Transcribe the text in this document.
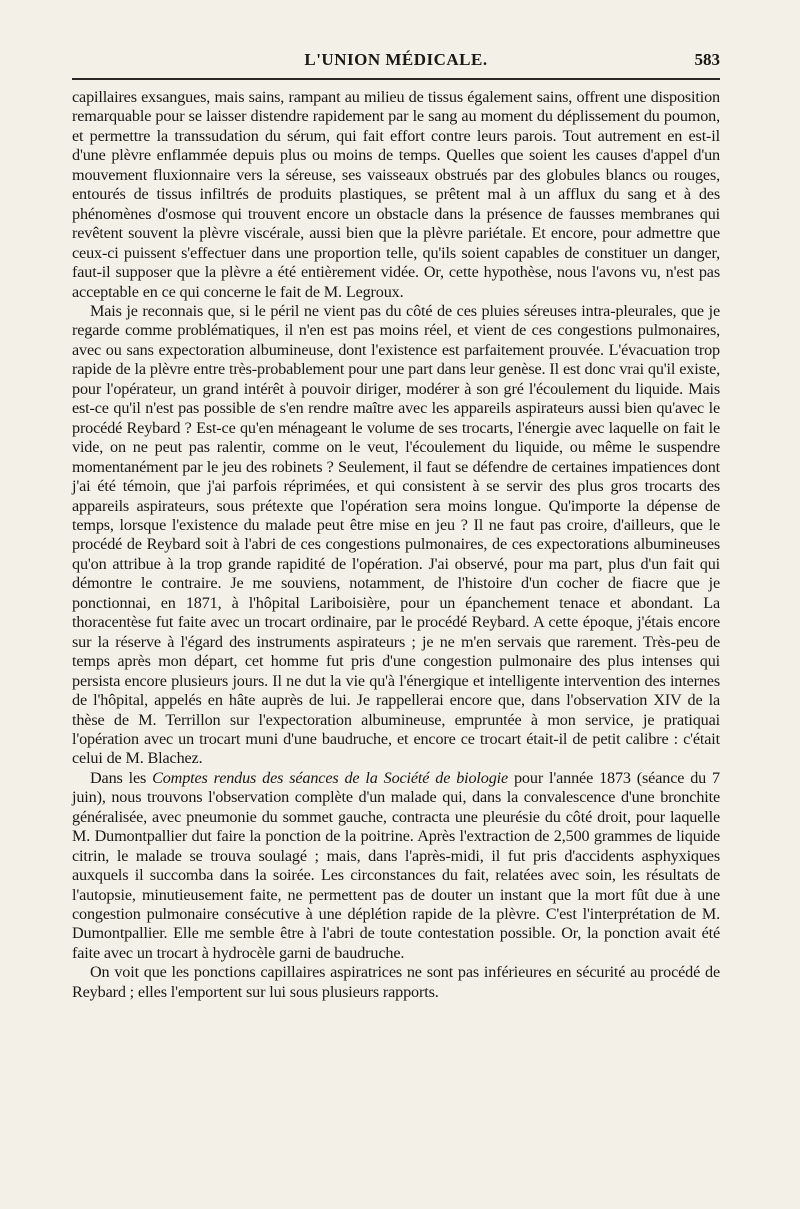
L'UNION MÉDICALE.	583

capillaires exsangues, mais sains, rampant au milieu de tissus également sains, offrent une disposition remarquable pour se laisser distendre rapidement par le sang au moment du déplissement du poumon, et permettre la transsudation du sérum, qui fait effort contre leurs parois. Tout autrement en est-il d'une plèvre enflammée depuis plus ou moins de temps. Quelles que soient les causes d'appel d'un mouvement fluxionnaire vers la séreuse, ses vaisseaux obstrués par des globules blancs ou rouges, entourés de tissus infiltrés de produits plastiques, se prêtent mal à un afflux du sang et à des phénomènes d'osmose qui trouvent encore un obstacle dans la présence de fausses membranes qui revêtent souvent la plèvre viscérale, aussi bien que la plèvre pariétale. Et encore, pour admettre que ceux-ci puissent s'effectuer dans une proportion telle, qu'ils soient capables de constituer un danger, faut-il supposer que la plèvre a été entièrement vidée. Or, cette hypothèse, nous l'avons vu, n'est pas acceptable en ce qui concerne le fait de M. Legroux.

Mais je reconnais que, si le péril ne vient pas du côté de ces pluies séreuses intra-pleurales, que je regarde comme problématiques, il n'en est pas moins réel, et vient de ces congestions pulmonaires, avec ou sans expectoration albumineuse, dont l'existence est parfaitement prouvée. L'évacuation trop rapide de la plèvre entre très-probablement pour une part dans leur genèse. Il est donc vrai qu'il existe, pour l'opérateur, un grand intérêt à pouvoir diriger, modérer à son gré l'écoulement du liquide. Mais est-ce qu'il n'est pas possible de s'en rendre maître avec les appareils aspirateurs aussi bien qu'avec le procédé Reybard ? Est-ce qu'en ménageant le volume de ses trocarts, l'énergie avec laquelle on fait le vide, on ne peut pas ralentir, comme on le veut, l'écoulement du liquide, ou même le suspendre momentanément par le jeu des robinets ? Seulement, il faut se défendre de certaines impatiences dont j'ai été témoin, que j'ai parfois réprimées, et qui consistent à se servir des plus gros trocarts des appareils aspirateurs, sous prétexte que l'opération sera moins longue. Qu'importe la dépense de temps, lorsque l'existence du malade peut être mise en jeu ? Il ne faut pas croire, d'ailleurs, que le procédé de Reybard soit à l'abri de ces congestions pulmonaires, de ces expectorations albumineuses qu'on attribue à la trop grande rapidité de l'opération. J'ai observé, pour ma part, plus d'un fait qui démontre le contraire. Je me souviens, notamment, de l'histoire d'un cocher de fiacre que je ponctionnai, en 1871, à l'hôpital Lariboisière, pour un épanchement tenace et abondant. La thoracentèse fut faite avec un trocart ordinaire, par le procédé Reybard. A cette époque, j'étais encore sur la réserve à l'égard des instruments aspirateurs ; je ne m'en servais que rarement. Très-peu de temps après mon départ, cet homme fut pris d'une congestion pulmonaire des plus intenses qui persista encore plusieurs jours. Il ne dut la vie qu'à l'énergique et intelligente intervention des internes de l'hôpital, appelés en hâte auprès de lui. Je rappellerai encore que, dans l'observation XIV de la thèse de M. Terrillon sur l'expectoration albumineuse, empruntée à mon service, je pratiquai l'opération avec un trocart muni d'une baudruche, et encore ce trocart était-il de petit calibre : c'était celui de M. Blachez.

Dans les Comptes rendus des séances de la Société de biologie pour l'année 1873 (séance du 7 juin), nous trouvons l'observation complète d'un malade qui, dans la convalescence d'une bronchite généralisée, avec pneumonie du sommet gauche, contracta une pleurésie du côté droit, pour laquelle M. Dumontpallier dut faire la ponction de la poitrine. Après l'extraction de 2,500 grammes de liquide citrin, le malade se trouva soulagé ; mais, dans l'après-midi, il fut pris d'accidents asphyxiques auxquels il succomba dans la soirée. Les circonstances du fait, relatées avec soin, les résultats de l'autopsie, minutieusement faite, ne permettent pas de douter un instant que la mort fût due à une congestion pulmonaire consécutive à une déplétion rapide de la plèvre. C'est l'interprétation de M. Dumontpallier. Elle me semble être à l'abri de toute contestation possible. Or, la ponction avait été faite avec un trocart à hydrocèle garni de baudruche.

On voit que les ponctions capillaires aspiratrices ne sont pas inférieures en sécurité au procédé de Reybard ; elles l'emportent sur lui sous plusieurs rapports.
